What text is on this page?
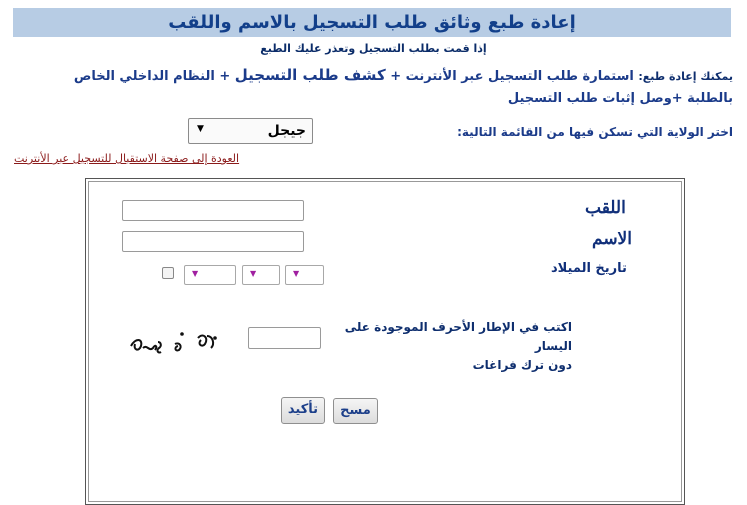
إعادة طبع وثائق طلب التسجيل بالاسم واللقب
إذا قمت بطلب التسجيل وتعذر عليك الطبع
يمكنك إعادة طبع: استمارة طلب التسجيل عبر الأنترنت + كشف طلب التسجيل + النظام الداخلي الخاص
بالطلبة +وصل إثبات طلب التسجيل
اختر الولاية التي تسكن فيها من القائمة التالية:
جيجل
▼
العودة إلى صفحة الاستقبال للتسجيل عبر الأنترنت
اللقب
الاسم
تاريخ الميلاد
▼
▼
▼
اكتب في الإطار الأحرف الموجودة على اليسار
دون ترك فراغات
مسح
تأكيد
